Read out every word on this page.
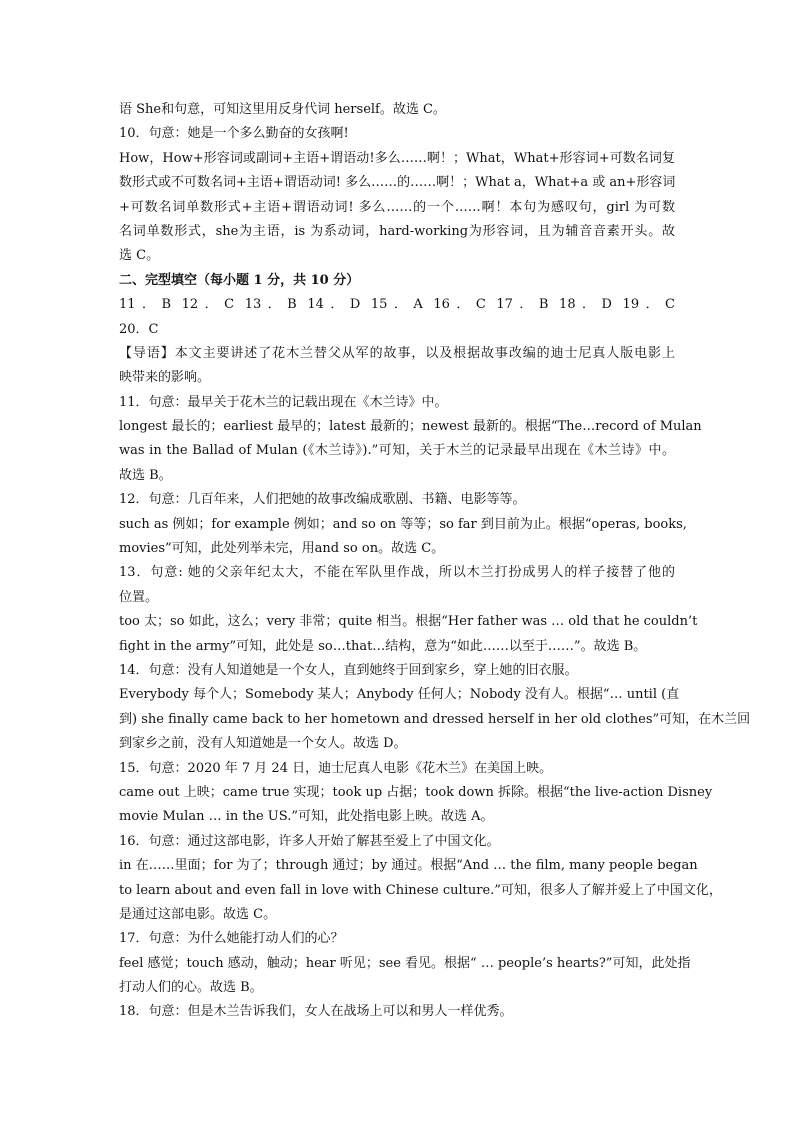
语 She和句意，可知这里用反身代词 herself。故选 C。
10．句意：她是一个多么勤奋的女孩啊!
How，How+形容词或副词+主语+谓语动!多么……啊！；What，What+形容词+可数名词复
数形式或不可数名词+主语+谓语动词! 多么……的……啊！；What a，What+a 或 an+形容词
+可数名词单数形式+主语+谓语动词! 多么……的一个……啊！本句为感叹句，girl 为可数
名词单数形式，she为主语，is 为系动词，hard-working为形容词，且为辅音音素开头。故
选 C。
二、完型填空（每小题 1 分，共 10 分）
11．B 12．C 13．B 14．D 15．A 16．C 17．B 18．D 19．C
20．C
【导语】本文主要讲述了花木兰替父从军的故事，以及根据故事改编的迪士尼真人版电影上
映带来的影响。
11．句意：最早关于花木兰的记载出现在《木兰诗》中。
longest 最长的；earliest 最早的；latest 最新的；newest 最新的。根据“The…record of Mulan
was in the Ballad of Mulan (《木兰诗》).”可知，关于木兰的记录最早出现在《木兰诗》中。
故选 B。
12．句意：几百年来，人们把她的故事改编成歌剧、书籍、电影等等。
such as 例如；for example 例如；and so on 等等；so far 到目前为止。根据“operas, books,
movies”可知，此处列举未完，用and so on。故选 C。
13．句意: 她的父亲年纪太大，不能在军队里作战，所以木兰打扮成男人的样子接替了他的
位置。
too 太；so 如此，这么；very 非常；quite 相当。根据“Her father was … old that he couldn’t
fight in the army”可知，此处是 so…that…结构，意为“如此……以至于……”。故选 B。
14．句意：没有人知道她是一个女人，直到她终于回到家乡，穿上她的旧衣服。
Everybody 每个人；Somebody 某人；Anybody 任何人；Nobody 没有人。根据“… until (直
到) she finally came back to her hometown and dressed herself in her old clothes”可知，在木兰回
到家乡之前，没有人知道她是一个女人。故选 D。
15．句意：2020 年 7 月 24 日，迪士尼真人电影《花木兰》在美国上映。
came out 上映；came true 实现；took up 占据；took down 拆除。根据“the live-action Disney
movie Mulan … in the US.”可知，此处指电影上映。故选 A。
16．句意：通过这部电影，许多人开始了解甚至爱上了中国文化。
in 在……里面；for 为了；through 通过；by 通过。根据“And … the film, many people began
to learn about and even fall in love with Chinese culture.”可知，很多人了解并爱上了中国文化，
是通过这部电影。故选 C。
17．句意：为什么她能打动人们的心？
feel 感觉；touch 感动，触动；hear 听见；see 看见。根据“ … people’s hearts?”可知，此处指
打动人们的心。故选 B。
18．句意：但是木兰告诉我们，女人在战场上可以和男人一样优秀。
